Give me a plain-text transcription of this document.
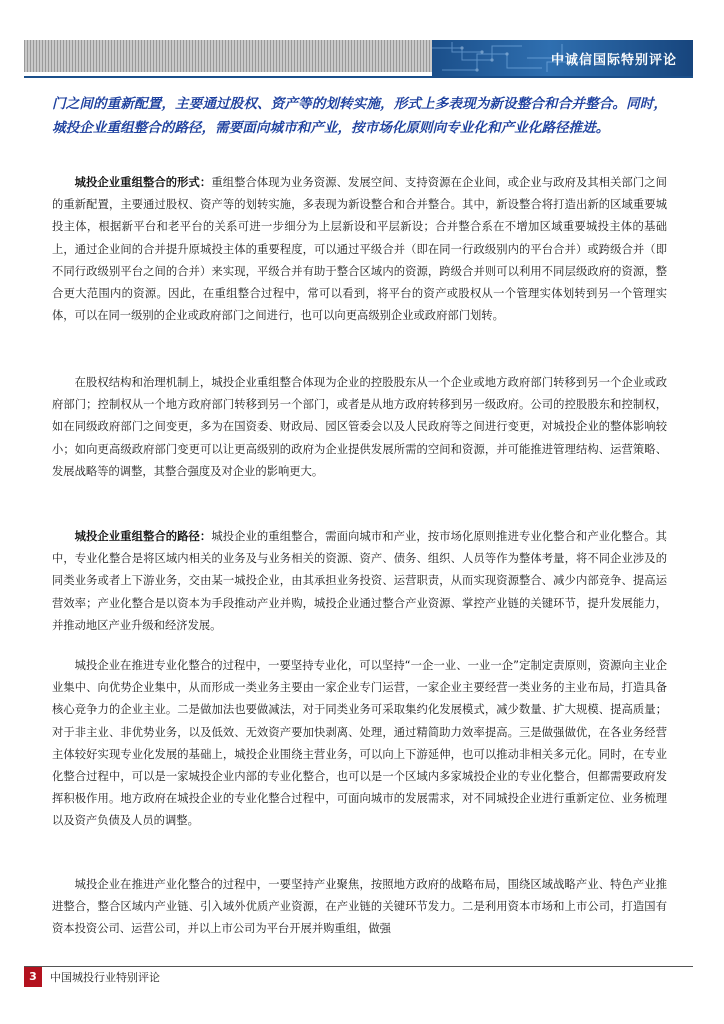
中诚信国际特别评论
门之间的重新配置，主要通过股权、资产等的划转实施，形式上多表现为新设整合和合并整合。同时，城投企业重组整合的路径，需要面向城市和产业，按市场化原则向专业化和产业化路径推进。
城投企业重组整合的形式：重组整合体现为业务资源、发展空间、支持资源在企业间，或企业与政府及其相关部门之间的重新配置，主要通过股权、资产等的划转实施，多表现为新设整合和合并整合。其中，新设整合将打造出新的区域重要城投主体，根据新平台和老平台的关系可进一步细分为上层新设和平层新设；合并整合系在不增加区域重要城投主体的基础上，通过企业间的合并提升原城投主体的重要程度，可以通过平级合并（即在同一行政级别内的平台合并）或跨级合并（即不同行政级别平台之间的合并）来实现，平级合并有助于整合区域内的资源，跨级合并则可以利用不同层级政府的资源，整合更大范围内的资源。因此，在重组整合过程中，常可以看到，将平台的资产或股权从一个管理实体划转到另一个管理实体，可以在同一级别的企业或政府部门之间进行，也可以向更高级别企业或政府部门划转。
在股权结构和治理机制上，城投企业重组整合体现为企业的控股股东从一个企业或地方政府部门转移到另一个企业或政府部门；控制权从一个地方政府部门转移到另一个部门，或者是从地方政府转移到另一级政府。公司的控股股东和控制权，如在同级政府部门之间变更，多为在国资委、财政局、园区管委会以及人民政府等之间进行变更，对城投企业的整体影响较小；如向更高级政府部门变更可以让更高级别的政府为企业提供发展所需的空间和资源，并可能推进管理结构、运营策略、发展战略等的调整，其整合强度及对企业的影响更大。
城投企业重组整合的路径：城投企业的重组整合，需面向城市和产业，按市场化原则推进专业化整合和产业化整合。其中，专业化整合是将区域内相关的业务及与业务相关的资源、资产、债务、组织、人员等作为整体考量，将不同企业涉及的同类业务或者上下游业务，交由某一城投企业，由其承担业务投资、运营职责，从而实现资源整合、减少内部竞争、提高运营效率；产业化整合是以资本为手段推动产业并购，城投企业通过整合产业资源、掌控产业链的关键环节，提升发展能力，并推动地区产业升级和经济发展。
城投企业在推进专业化整合的过程中，一要坚持专业化，可以坚持“一企一业、一业一企”定制定责原则，资源向主业企业集中、向优势企业集中，从而形成一类业务主要由一家企业专门运营，一家企业主要经营一类业务的主业布局，打造具备核心竞争力的企业主业。二是做加法也要做减法，对于同类业务可采取集约化发展模式，减少数量、扩大规模、提高质量；对于非主业、非优势业务，以及低效、无效资产要加快剥离、处理，通过精简助力效率提高。三是做强做优，在各业务经营主体较好实现专业化发展的基础上，城投企业围绕主营业务，可以向上下游延伸，也可以推动非相关多元化。同时，在专业化整合过程中，可以是一家城投企业内部的专业化整合，也可以是一个区域内多家城投企业的专业化整合，但都需要政府发挥积极作用。地方政府在城投企业的专业化整合过程中，可面向城市的发展需求，对不同城投企业进行重新定位、业务梳理以及资产负债及人员的调整。
城投企业在推进产业化整合的过程中，一要坚持产业聚焦，按照地方政府的战略布局，围绕区域战略产业、特色产业推进整合，整合区域内产业链、引入域外优质产业资源，在产业链的关键环节发力。二是利用资本市场和上市公司，打造国有资本投资公司、运营公司，并以上市公司为平台开展并购重组，做强
3	中国城投行业特别评论
